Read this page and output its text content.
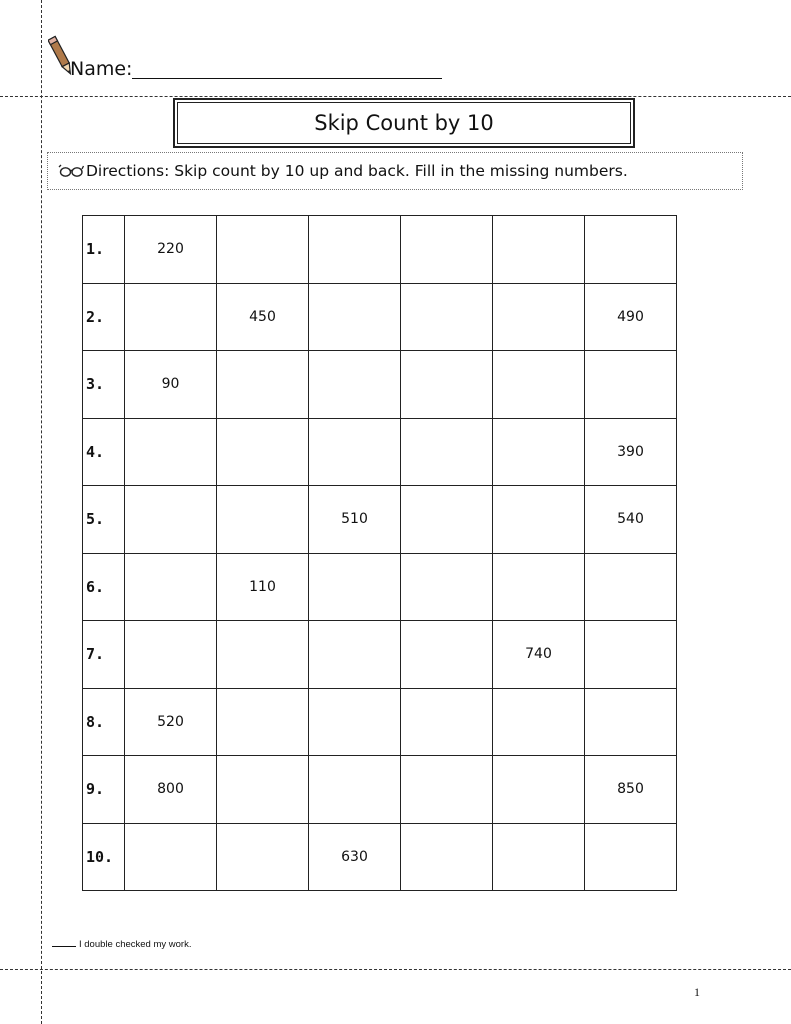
Name:
Skip Count by 10
Directions: Skip count by 10 up and back. Fill in the missing numbers.
1.	220					
2.		450				490
3.	90					
4.						390
5.			510			540
6.		110				
7.					740	
8.	520					
9.	800					850
10.			630			
I double checked my work.
1
